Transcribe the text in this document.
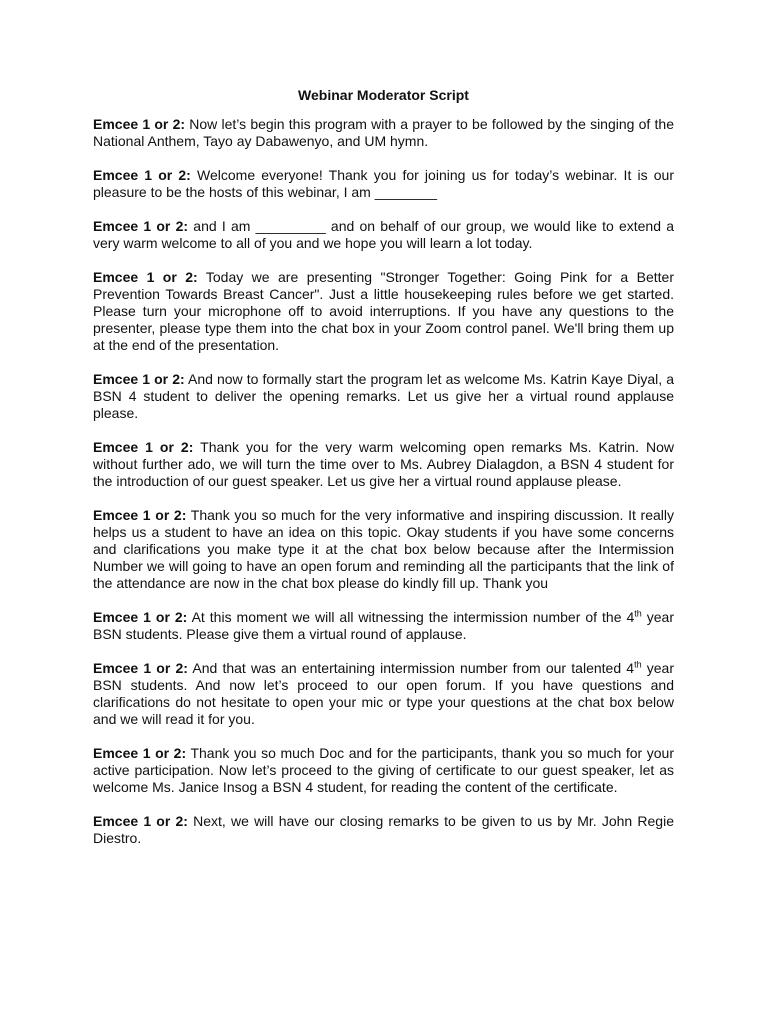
Webinar Moderator Script

Emcee 1 or 2: Now let’s begin this program with a prayer to be followed by the singing of the National Anthem, Tayo ay Dabawenyo, and UM hymn.

Emcee 1 or 2: Welcome everyone! Thank you for joining us for today’s webinar. It is our pleasure to be the hosts of this webinar, I am ________

Emcee 1 or 2: and I am _________ and on behalf of our group, we would like to extend a very warm welcome to all of you and we hope you will learn a lot today.

Emcee 1 or 2: Today we are presenting "Stronger Together: Going Pink for a Better Prevention Towards Breast Cancer". Just a little housekeeping rules before we get started. Please turn your microphone off to avoid interruptions. If you have any questions to the presenter, please type them into the chat box in your Zoom control panel. We'll bring them up at the end of the presentation.

Emcee 1 or 2: And now to formally start the program let as welcome Ms. Katrin Kaye Diyal, a BSN 4 student to deliver the opening remarks. Let us give her a virtual round applause please.

Emcee 1 or 2: Thank you for the very warm welcoming open remarks Ms. Katrin. Now without further ado, we will turn the time over to Ms. Aubrey Dialagdon, a BSN 4 student for the introduction of our guest speaker. Let us give her a virtual round applause please.

Emcee 1 or 2: Thank you so much for the very informative and inspiring discussion. It really helps us a student to have an idea on this topic. Okay students if you have some concerns and clarifications you make type it at the chat box below because after the Intermission Number we will going to have an open forum and reminding all the participants that the link of the attendance are now in the chat box please do kindly fill up. Thank you

Emcee 1 or 2: At this moment we will all witnessing the intermission number of the 4th year BSN students. Please give them a virtual round of applause.

Emcee 1 or 2: And that was an entertaining intermission number from our talented 4th year BSN students. And now let’s proceed to our open forum. If you have questions and clarifications do not hesitate to open your mic or type your questions at the chat box below and we will read it for you.

Emcee 1 or 2: Thank you so much Doc and for the participants, thank you so much for your active participation. Now let’s proceed to the giving of certificate to our guest speaker, let as welcome Ms. Janice Insog a BSN 4 student, for reading the content of the certificate.

Emcee 1 or 2: Next, we will have our closing remarks to be given to us by Mr. John Regie Diestro.
